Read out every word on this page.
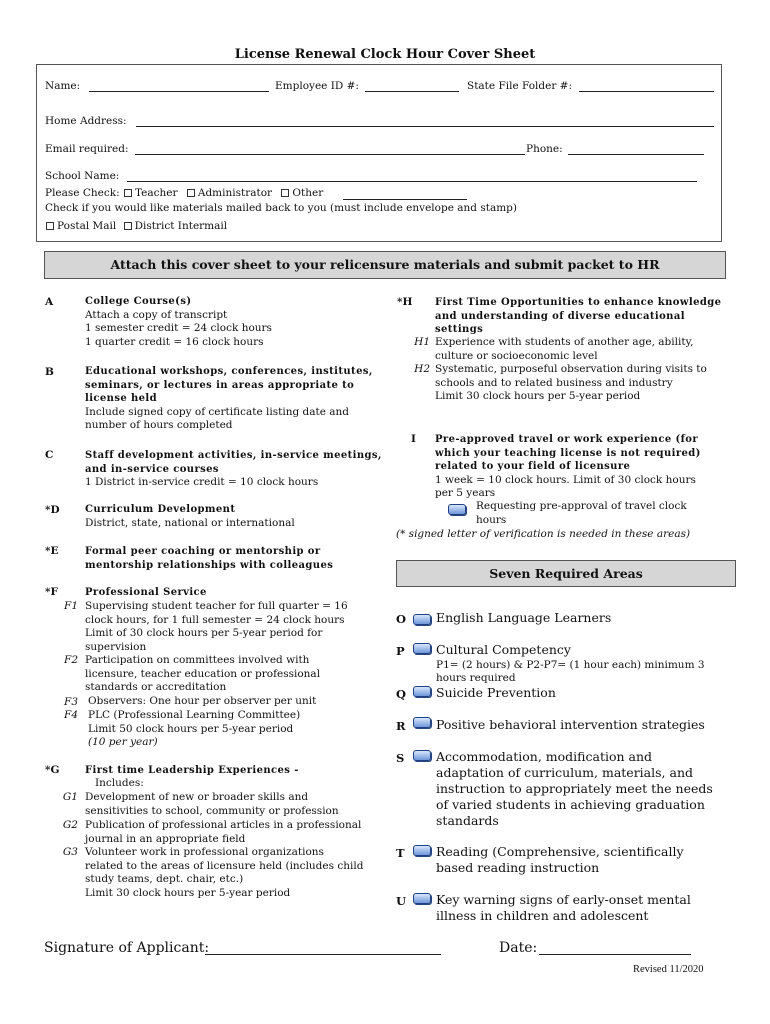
License Renewal Clock Hour Cover Sheet
Name:	Employee ID #:	State File Folder #:
Home Address:
Email required:	Phone:
School Name:
Please Check: Teacher Administrator Other
Check if you would like materials mailed back to you (must include envelope and stamp)
Postal Mail District Intermail
Attach this cover sheet to your relicensure materials and submit packet to HR
A	College Course(s)
Attach a copy of transcript
1 semester credit = 24 clock hours
1 quarter credit = 16 clock hours
B	Educational workshops, conferences, institutes,
seminars, or lectures in areas appropriate to
license held
Include signed copy of certificate listing date and
number of hours completed
C	Staff development activities, in-service meetings,
and in-service courses
1 District in-service credit = 10 clock hours
*D	Curriculum Development
District, state, national or international
*E	Formal peer coaching or mentorship or
mentorship relationships with colleagues
*F	Professional Service
F1 Supervising student teacher for full quarter = 16
clock hours, for 1 full semester = 24 clock hours
Limit of 30 clock hours per 5-year period for
supervision
F2 Participation on committees involved with
licensure, teacher education or professional
standards or accreditation
F3 Observers: One hour per observer per unit
F4 PLC (Professional Learning Committee)
Limit 50 clock hours per 5-year period
(10 per year)
*G	First time Leadership Experiences -
Includes:
G1 Development of new or broader skills and
sensitivities to school, community or profession
G2 Publication of professional articles in a professional
journal in an appropriate field
G3 Volunteer work in professional organizations
related to the areas of licensure held (includes child
study teams, dept. chair, etc.)
Limit 30 clock hours per 5-year period
*H First Time Opportunities to enhance knowledge
and understanding of diverse educational
settings
H1 Experience with students of another age, ability,
culture or socioeconomic level
H2 Systematic, purposeful observation during visits to
schools and to related business and industry
Limit 30 clock hours per 5-year period
I Pre-approved travel or work experience (for
which your teaching license is not required)
related to your field of licensure
1 week = 10 clock hours. Limit of 30 clock hours
per 5 years
Requesting pre-approval of travel clock
hours
(* signed letter of verification is needed in these areas)
Seven Required Areas
O English Language Learners
P	Cultural Competency
P1= (2 hours) & P2-P7= (1 hour each) minimum 3
hours required
Q Suicide Prevention
R Positive behavioral intervention strategies
S	Accommodation, modification and
adaptation of curriculum, materials, and
instruction to appropriately meet the needs
of varied students in achieving graduation
standards
T	Reading (Comprehensive, scientifically
based reading instruction
U Key warning signs of early-onset mental
illness in children and adolescent
Signature of Applicant:	Date:
Revised 11/2020
